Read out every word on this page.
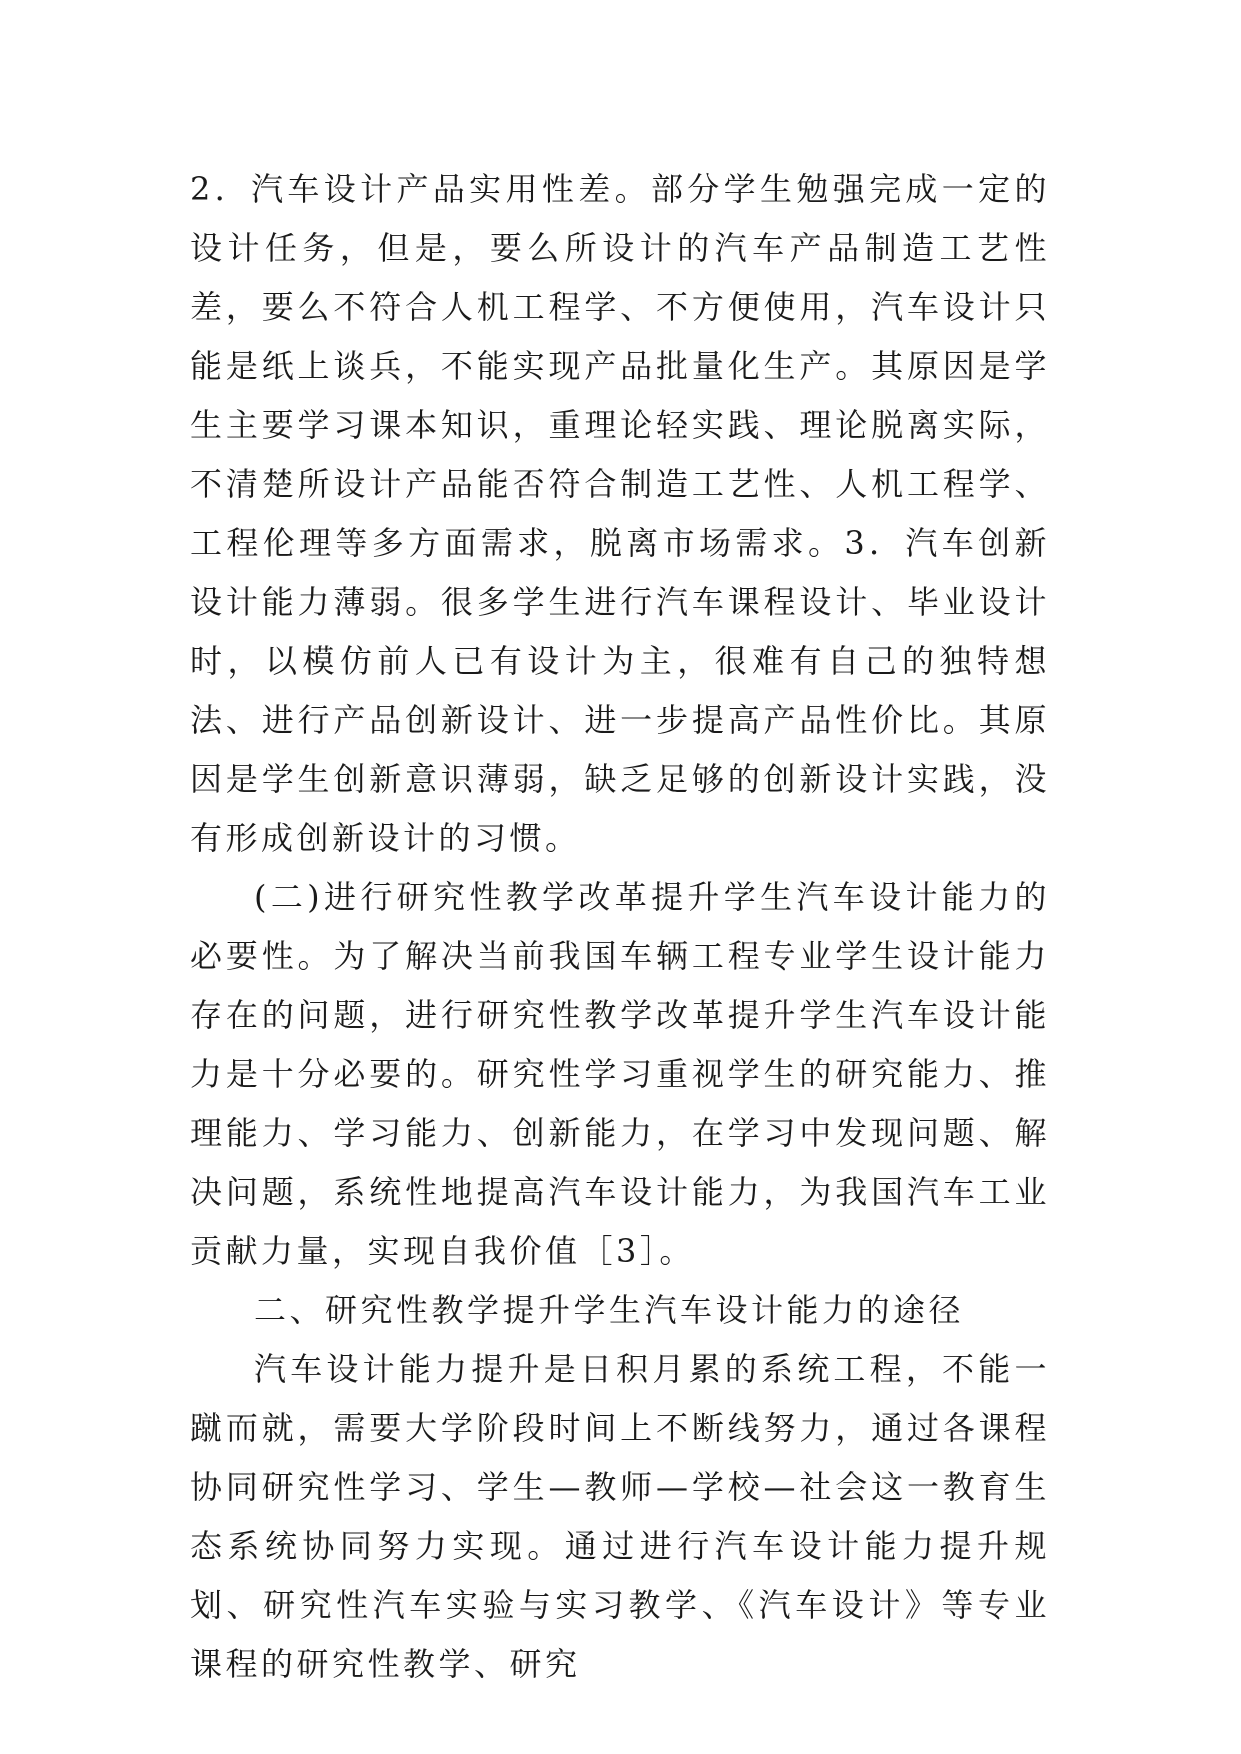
2．汽车设计产品实用性差。部分学生勉强完成一定的设计任务，但是，要么所设计的汽车产品制造工艺性差，要么不符合人机工程学、不方便使用，汽车设计只能是纸上谈兵，不能实现产品批量化生产。其原因是学生主要学习课本知识，重理论轻实践、理论脱离实际，不清楚所设计产品能否符合制造工艺性、人机工程学、工程伦理等多方面需求，脱离市场需求。3．汽车创新设计能力薄弱。很多学生进行汽车课程设计、毕业设计时，以模仿前人已有设计为主，很难有自己的独特想法、进行产品创新设计、进一步提高产品性价比。其原因是学生创新意识薄弱，缺乏足够的创新设计实践，没有形成创新设计的习惯。

(二)进行研究性教学改革提升学生汽车设计能力的必要性。为了解决当前我国车辆工程专业学生设计能力存在的问题，进行研究性教学改革提升学生汽车设计能力是十分必要的。研究性学习重视学生的研究能力、推理能力、学习能力、创新能力，在学习中发现问题、解决问题，系统性地提高汽车设计能力，为我国汽车工业贡献力量，实现自我价值［3］。

二、研究性教学提升学生汽车设计能力的途径

汽车设计能力提升是日积月累的系统工程，不能一蹴而就，需要大学阶段时间上不断线努力，通过各课程协同研究性学习、学生—教师—学校—社会这一教育生态系统协同努力实现。通过进行汽车设计能力提升规划、研究性汽车实验与实习教学、《汽车设计》等专业课程的研究性教学、研究
